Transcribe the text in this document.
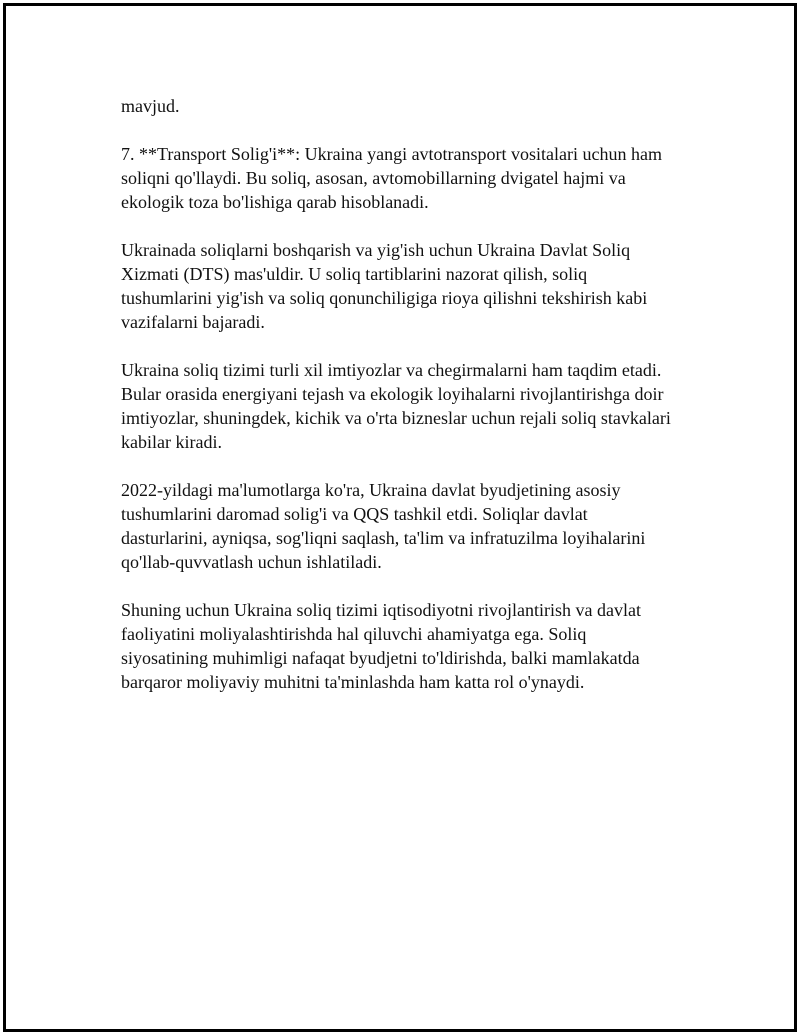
mavjud.

7. **Transport Solig'i**: Ukraina yangi avtotransport vositalari uchun ham
soliqni qo'llaydi. Bu soliq, asosan, avtomobillarning dvigatel hajmi va
ekologik toza bo'lishiga qarab hisoblanadi.

Ukrainada soliqlarni boshqarish va yig'ish uchun Ukraina Davlat Soliq
Xizmati (DTS) mas'uldir. U soliq tartiblarini nazorat qilish, soliq
tushumlarini yig'ish va soliq qonunchiligiga rioya qilishni tekshirish kabi
vazifalarni bajaradi.

Ukraina soliq tizimi turli xil imtiyozlar va chegirmalarni ham taqdim etadi.
Bular orasida energiyani tejash va ekologik loyihalarni rivojlantirishga doir
imtiyozlar, shuningdek, kichik va o'rta bizneslar uchun rejali soliq stavkalari
kabilar kiradi.

2022-yildagi ma'lumotlarga ko'ra, Ukraina davlat byudjetining asosiy
tushumlarini daromad solig'i va QQS tashkil etdi. Soliqlar davlat
dasturlarini, ayniqsa, sog'liqni saqlash, ta'lim va infratuzilma loyihalarini
qo'llab-quvvatlash uchun ishlatiladi.

Shuning uchun Ukraina soliq tizimi iqtisodiyotni rivojlantirish va davlat
faoliyatini moliyalashtirishda hal qiluvchi ahamiyatga ega. Soliq
siyosatining muhimligi nafaqat byudjetni to'ldirishda, balki mamlakatda
barqaror moliyaviy muhitni ta'minlashda ham katta rol o'ynaydi.
